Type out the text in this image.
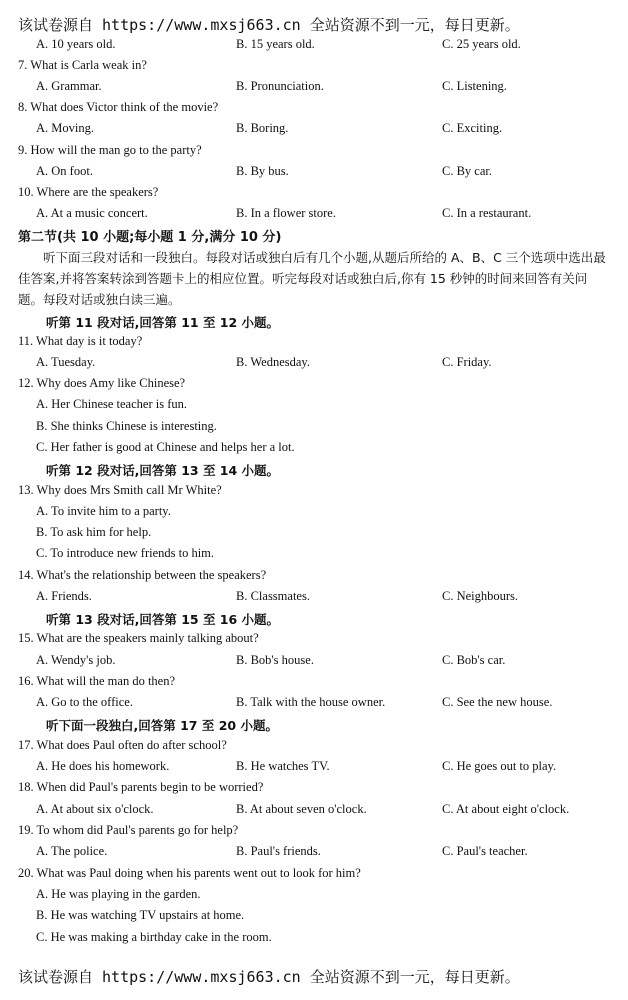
该试卷源自 https://www.mxsj663.cn 全站资源不到一元，每日更新。
A. 10 years old.	B. 15 years old.	C. 25 years old.
7. What is Carla weak in?
A. Grammar.	B. Pronunciation.	C. Listening.
8. What does Victor think of the movie?
A. Moving.	B. Boring.	C. Exciting.
9. How will the man go to the party?
A. On foot.	B. By bus.	C. By car.
10. Where are the speakers?
A. At a music concert.	B. In a flower store.	C. In a restaurant.
第二节(共 10 小题;每小题 1 分,满分 10 分)
听下面三段对话和一段独白。每段对话或独白后有几个小题,从题后所给的 A、B、C 三个选项中选出最佳答案,并将答案转涂到答题卡上的相应位置。听完每段对话或独白后,你有 15 秒钟的时间来回答有关问题。每段对话或独白读三遍。
听第 11 段对话,回答第 11 至 12 小题。
11. What day is it today?
A. Tuesday.	B. Wednesday.	C. Friday.
12. Why does Amy like Chinese?
A. Her Chinese teacher is fun.
B. She thinks Chinese is interesting.
C. Her father is good at Chinese and helps her a lot.
听第 12 段对话,回答第 13 至 14 小题。
13. Why does Mrs Smith call Mr White?
A. To invite him to a party.
B. To ask him for help.
C. To introduce new friends to him.
14. What's the relationship between the speakers?
A. Friends.	B. Classmates.	C. Neighbours.
听第 13 段对话,回答第 15 至 16 小题。
15. What are the speakers mainly talking about?
A. Wendy's job.	B. Bob's house.	C. Bob's car.
16. What will the man do then?
A. Go to the office.	B. Talk with the house owner.	C. See the new house.
听下面一段独白,回答第 17 至 20 小题。
17. What does Paul often do after school?
A. He does his homework.	B. He watches TV.	C. He goes out to play.
18. When did Paul's parents begin to be worried?
A. At about six o'clock.	B. At about seven o'clock.	C. At about eight o'clock.
19. To whom did Paul's parents go for help?
A. The police.	B. Paul's friends.	C. Paul's teacher.
20. What was Paul doing when his parents went out to look for him?
A. He was playing in the garden.
B. He was watching TV upstairs at home.
C. He was making a birthday cake in the room.
该试卷源自 https://www.mxsj663.cn 全站资源不到一元，每日更新。
